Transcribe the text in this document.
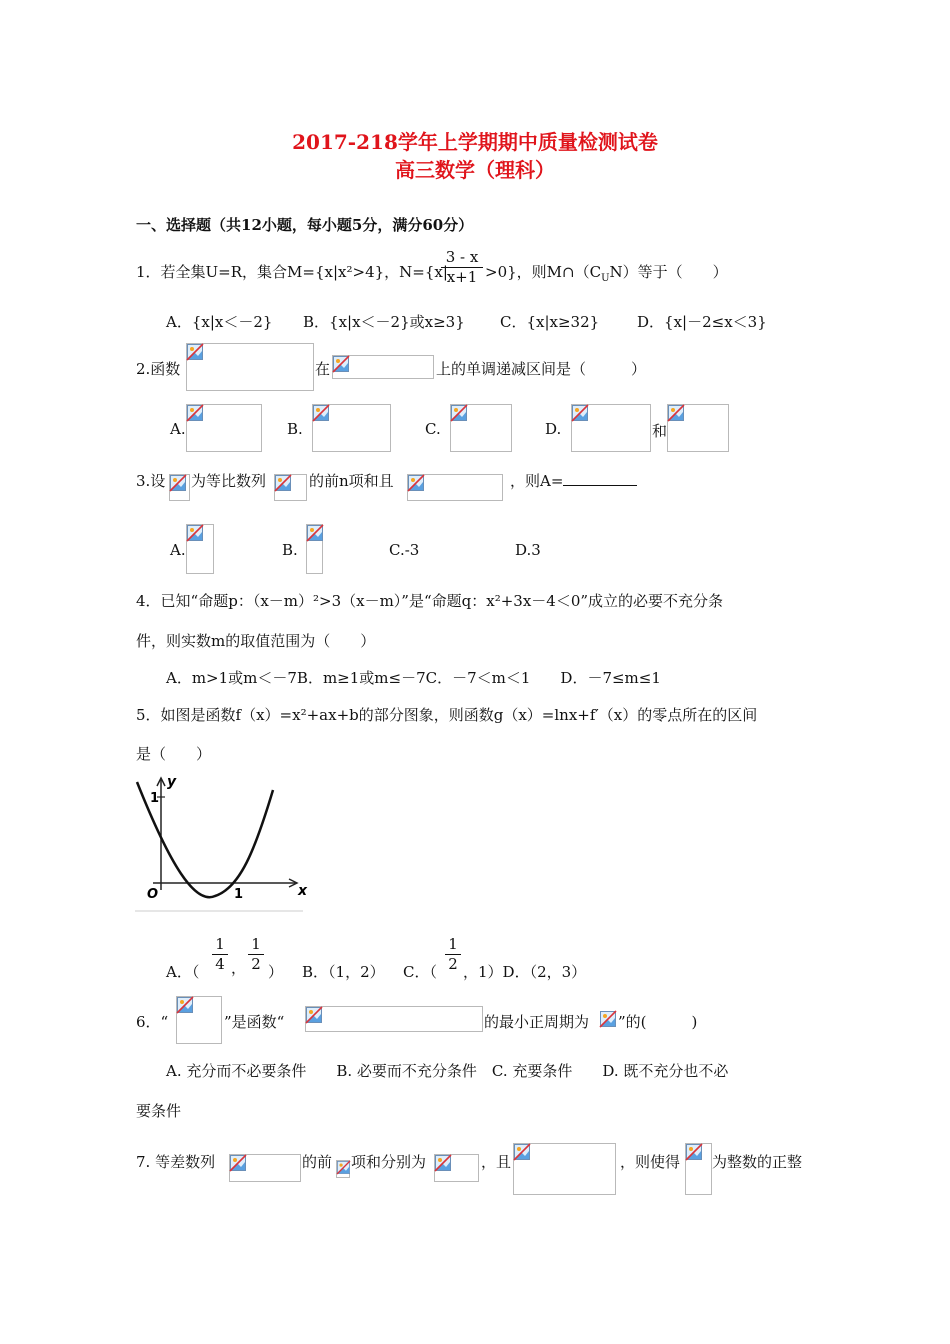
2017-218学年上学期期中质量检测试卷
高三数学（理科）
一、选择题（共12小题，每小题5分，满分60分）
1．若全集U=R，集合M={x|x²>4}，N={x|
$\frac{3 - x}{x+1} >0$}，则$M\cap(C_UN)$等于（　　）
A．{x|x＜－2} B．{x|x＜－2}或x≥3} C．{x|x≥32}	D．{x|－2≤x＜3}
2.函数	在	上的单调递减区间是（　　　）
A.	B.	C.	D.	和
3.设 为等比数列	的前n项和且	，则A=
A.	B.	C.-3	D.3
4．已知“命题p：（x－m）²>3（x－m）”是“命题q：x²+3x－4＜0”成立的必要不充分条
件，则实数m的取值范围为（　　）
A．m>1或m＜－7B．m≥1或m≤－7C．－7＜m＜1　　D．－7≤m≤1
5．如图是函数f（x）=x²+ax+b的部分图象，则函数g（x）=lnx+f′（x）的零点所在的区间
是（　　）
y
x
O
1
1
A．（ $\frac{1}{4}$ ， $\frac{1}{2}$ ） B．（1，2） C．（ $\frac{1}{2}$ ，1）D．（2，3）
6．“	”是函数“	的最小正周期为 ”的(　　　)
A. 充分而不必要条件　　B. 必要而不充分条件　C. 充要条件　　D. 既不充分也不必
要条件
7. 等差数列	的前 项和分别为	，且	，则使得 为整数的正整
